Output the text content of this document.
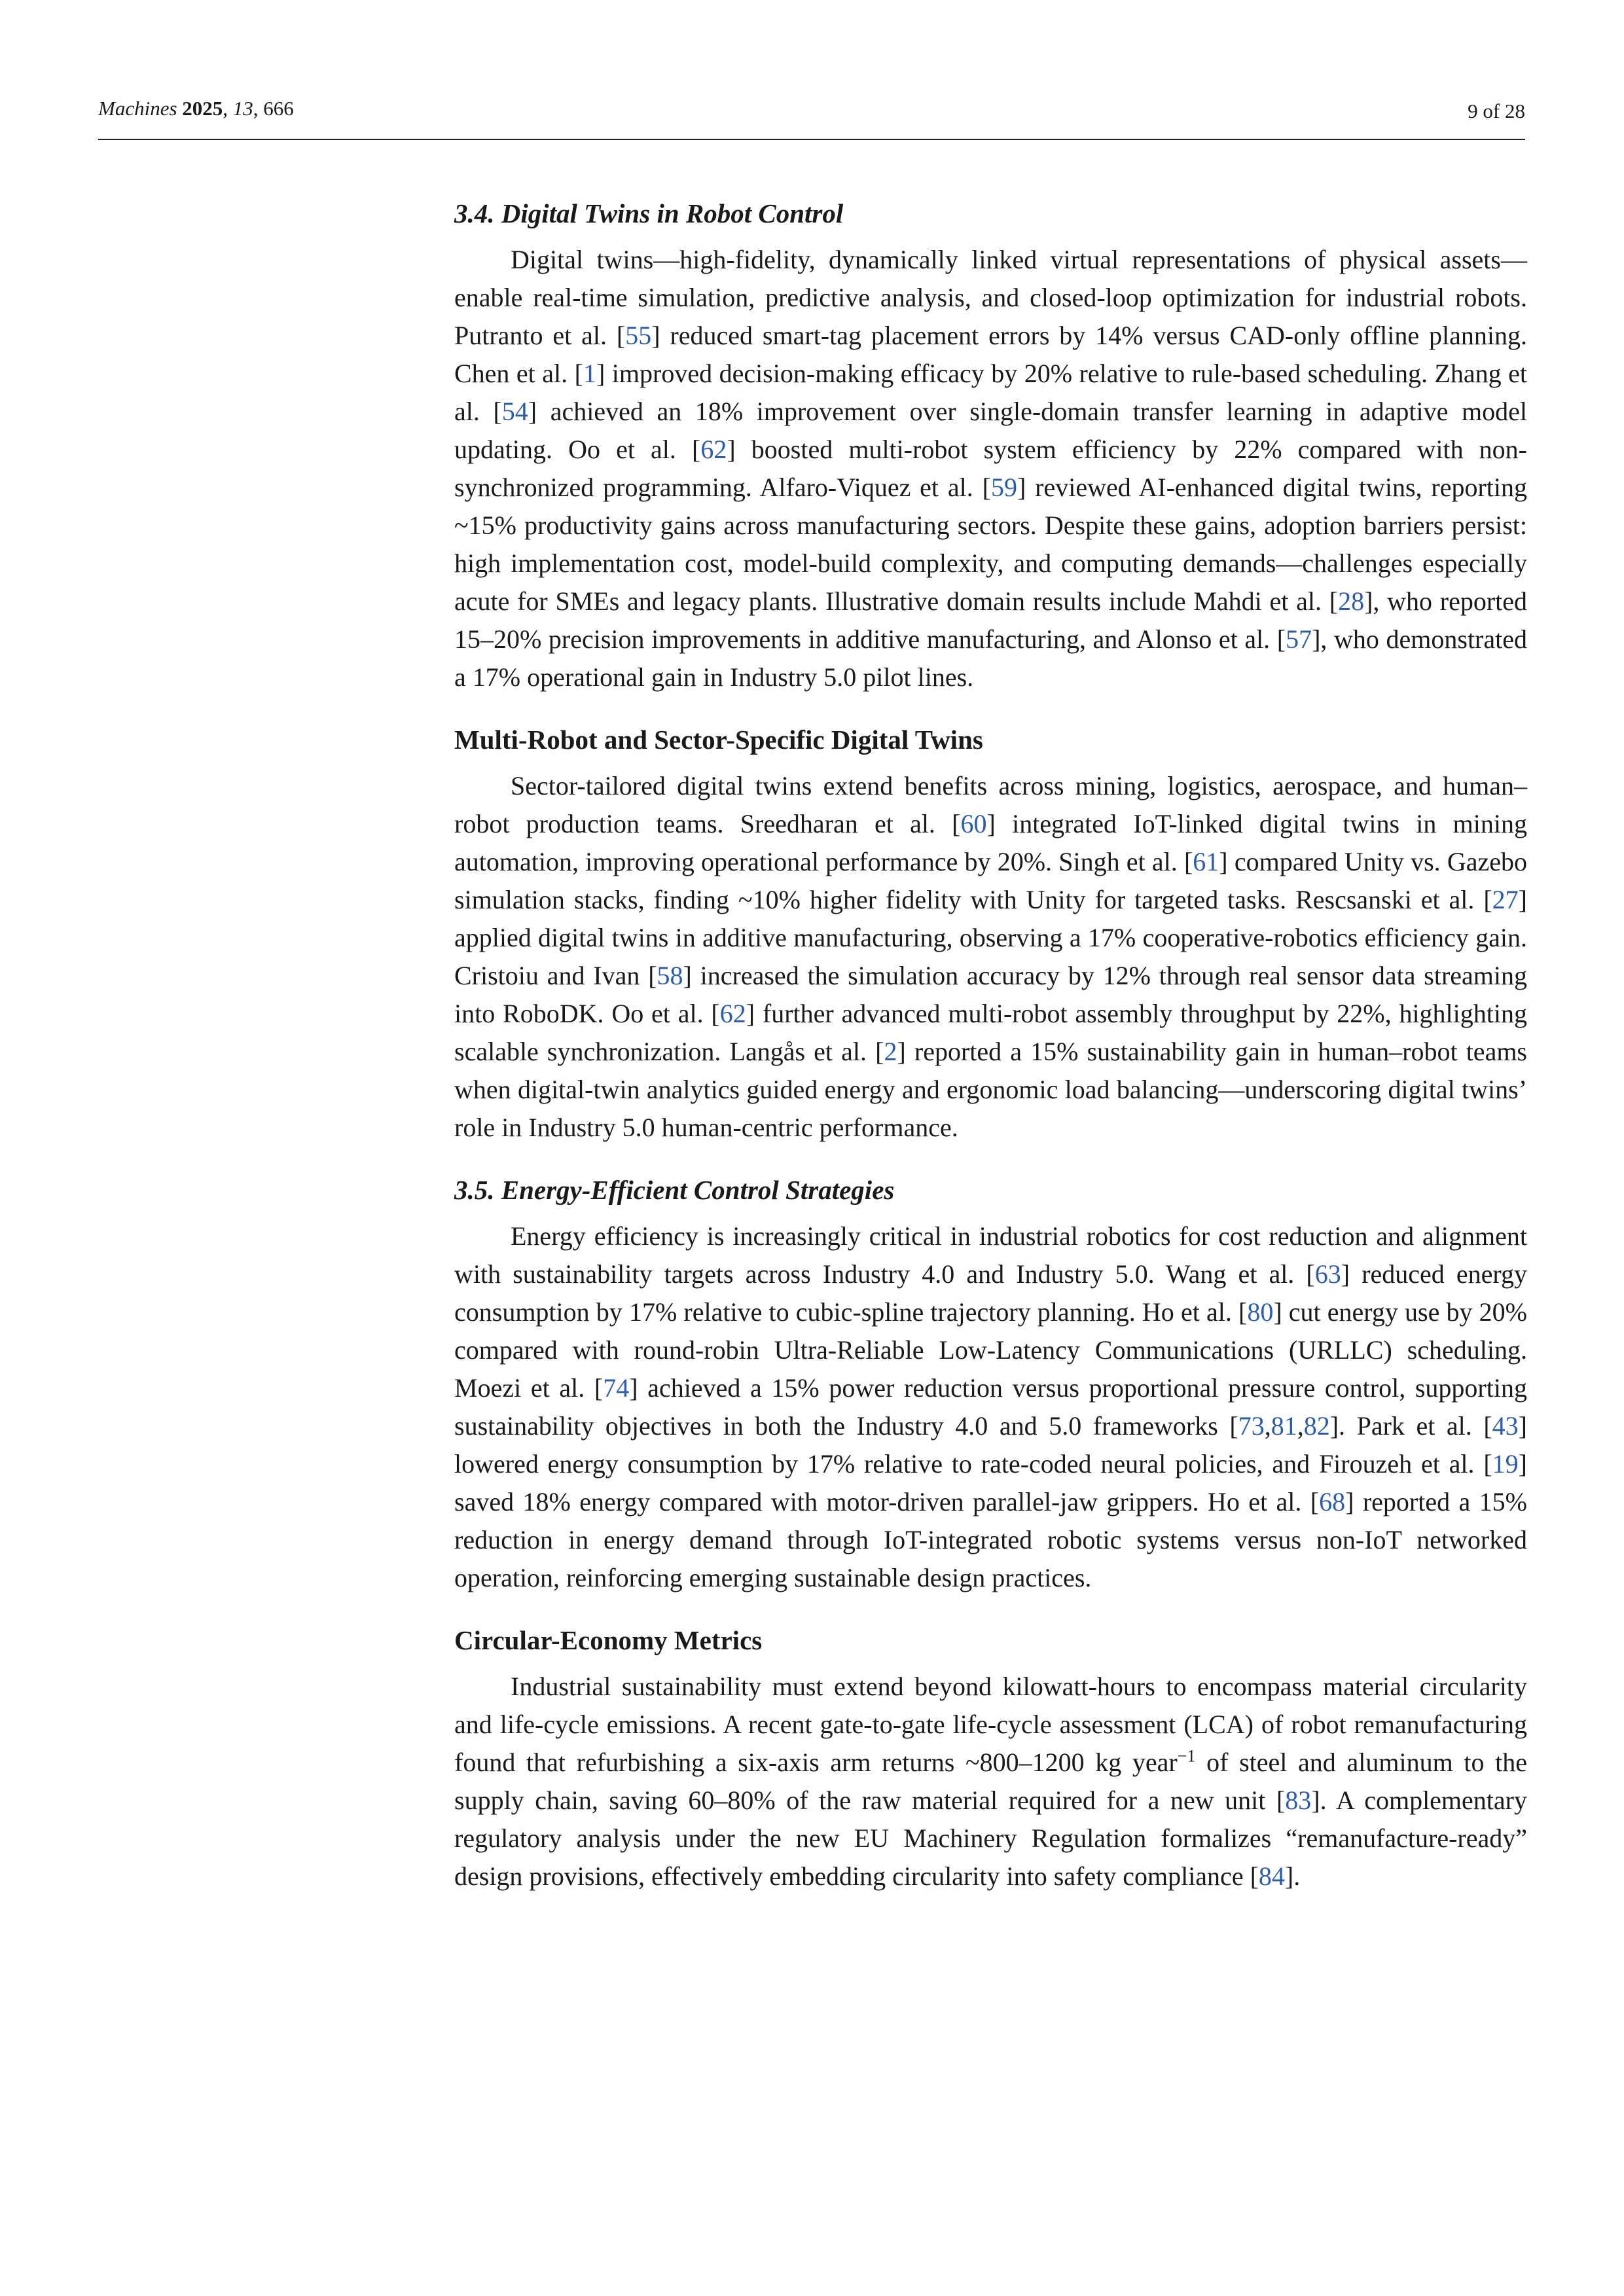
Machines 2025, 13, 666	9 of 28
3.4. Digital Twins in Robot Control

Digital twins—high-fidelity, dynamically linked virtual representations of physical assets—enable real-time simulation, predictive analysis, and closed-loop optimization for industrial robots. Putranto et al. [55] reduced smart-tag placement errors by 14% versus CAD-only offline planning. Chen et al. [1] improved decision-making efficacy by 20% relative to rule-based scheduling. Zhang et al. [54] achieved an 18% improvement over single-domain transfer learning in adaptive model updating. Oo et al. [62] boosted multi-robot system efficiency by 22% compared with non-synchronized programming. Alfaro-Viquez et al. [59] reviewed AI-enhanced digital twins, reporting ~15% productivity gains across manufacturing sectors. Despite these gains, adoption barriers persist: high implementation cost, model-build complexity, and computing demands—challenges especially acute for SMEs and legacy plants. Illustrative domain results include Mahdi et al. [28], who reported 15–20% precision improvements in additive manufacturing, and Alonso et al. [57], who demonstrated a 17% operational gain in Industry 5.0 pilot lines.

Multi-Robot and Sector-Specific Digital Twins

Sector-tailored digital twins extend benefits across mining, logistics, aerospace, and human–robot production teams. Sreedharan et al. [60] integrated IoT-linked digital twins in mining automation, improving operational performance by 20%. Singh et al. [61] compared Unity vs. Gazebo simulation stacks, finding ~10% higher fidelity with Unity for targeted tasks. Rescsanski et al. [27] applied digital twins in additive manufacturing, observing a 17% cooperative-robotics efficiency gain. Cristoiu and Ivan [58] increased the simulation accuracy by 12% through real sensor data streaming into RoboDK. Oo et al. [62] further advanced multi-robot assembly throughput by 22%, highlighting scalable synchronization. Langås et al. [2] reported a 15% sustainability gain in human–robot teams when digital-twin analytics guided energy and ergonomic load balancing—underscoring digital twins’ role in Industry 5.0 human-centric performance.

3.5. Energy-Efficient Control Strategies

Energy efficiency is increasingly critical in industrial robotics for cost reduction and alignment with sustainability targets across Industry 4.0 and Industry 5.0. Wang et al. [63] reduced energy consumption by 17% relative to cubic-spline trajectory planning. Ho et al. [80] cut energy use by 20% compared with round-robin Ultra-Reliable Low-Latency Communications (URLLC) scheduling. Moezi et al. [74] achieved a 15% power reduction versus proportional pressure control, supporting sustainability objectives in both the Industry 4.0 and 5.0 frameworks [73,81,82]. Park et al. [43] lowered energy consumption by 17% relative to rate-coded neural policies, and Firouzeh et al. [19] saved 18% energy compared with motor-driven parallel-jaw grippers. Ho et al. [68] reported a 15% reduction in energy demand through IoT-integrated robotic systems versus non-IoT networked operation, reinforcing emerging sustainable design practices.

Circular-Economy Metrics

Industrial sustainability must extend beyond kilowatt-hours to encompass material circularity and life-cycle emissions. A recent gate-to-gate life-cycle assessment (LCA) of robot remanufacturing found that refurbishing a six-axis arm returns ~800–1200 kg year$^{-1}$ of steel and aluminum to the supply chain, saving 60–80% of the raw material required for a new unit [83]. A complementary regulatory analysis under the new EU Machinery Regulation formalizes “remanufacture-ready” design provisions, effectively embedding circularity into safety compliance [84].
